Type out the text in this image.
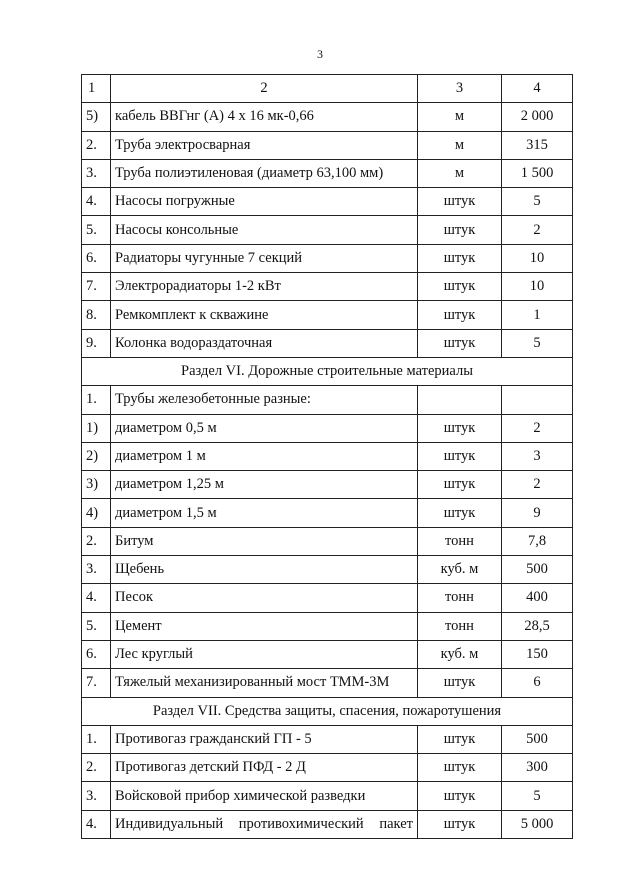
3
1	2	3	4
5)	кабель ВВГнг (А) 4 х 16 мк-0,66	м	2 000
2.	Труба электросварная	м	315
3.	Труба полиэтиленовая (диаметр 63,100 мм)	м	1 500
4.	Насосы погружные	штук	5
5.	Насосы консольные	штук	2
6.	Радиаторы чугунные 7 секций	штук	10
7.	Электрорадиаторы 1-2 кВт	штук	10
8.	Ремкомплект к скважине	штук	1
9.	Колонка водораздаточная	штук	5
Раздел VI. Дорожные строительные материалы			
1.	Трубы железобетонные разные:		
1)	диаметром 0,5 м	штук	2
2)	диаметром 1 м	штук	3
3)	диаметром 1,25 м	штук	2
4)	диаметром 1,5 м	штук	9
2.	Битум	тонн	7,8
3.	Щебень	куб. м	500
4.	Песок	тонн	400
5.	Цемент	тонн	28,5
6.	Лес круглый	куб. м	150
7.	Тяжелый механизированный мост ТММ-3М	штук	6
Раздел VII. Средства защиты, спасения, пожаротушения			
1.	Противогаз гражданский ГП - 5	штук	500
2.	Противогаз детский ПФД - 2 Д	штук	300
3.	Войсковой прибор химической разведки	штук	5
4.	Индивидуальный противохимический пакет	штук	5 000
